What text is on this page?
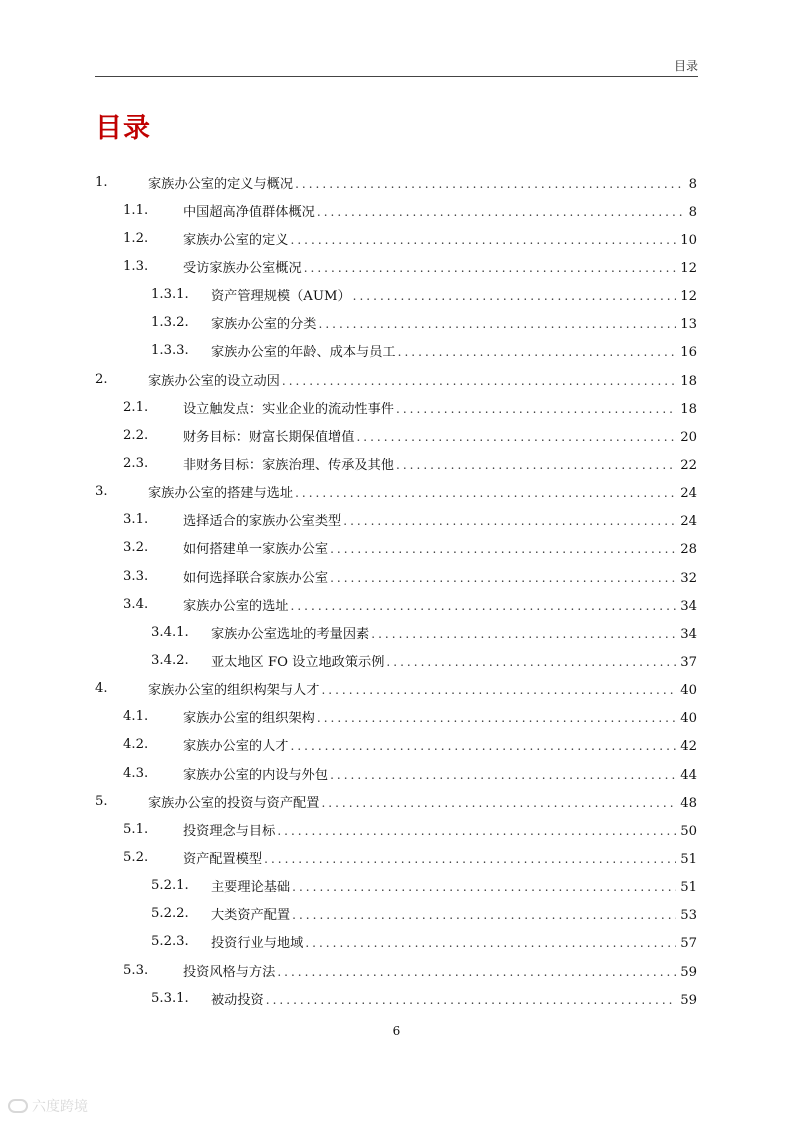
目录
目录
1.	家族办公室的定义与概况 . . .	8
1.1.	中国超高净值群体概况 . . .	8
1.2.	家族办公室的定义 . . .	10
1.3.	受访家族办公室概况 . . .	12
1.3.1. 资产管理规模（AUM） . . .	12
1.3.2. 家族办公室的分类 . . .	13
1.3.3. 家族办公室的年龄、成本与员工 . . .	16
2.	家族办公室的设立动因 . . .	18
2.1.	设立触发点：实业企业的流动性事件 . . .	18
2.2.	财务目标：财富长期保值增值 . . .	20
2.3.	非财务目标：家族治理、传承及其他 . . .	22
3.	家族办公室的搭建与选址 . . .	24
3.1.	选择适合的家族办公室类型 . . .	24
3.2.	如何搭建单一家族办公室 . . .	28
3.3.	如何选择联合家族办公室 . . .	32
3.4.	家族办公室的选址 . . .	34
3.4.1. 家族办公室选址的考量因素 . . .	34
3.4.2. 亚太地区 FO 设立地政策示例 . . .	37
4.	家族办公室的组织构架与人才 . . .	40
4.1.	家族办公室的组织架构 . . .	40
4.2.	家族办公室的人才 . . .	42
4.3.	家族办公室的内设与外包 . . .	44
5.	家族办公室的投资与资产配置 . . .	48
5.1.	投资理念与目标 . . .	50
5.2.	资产配置模型 . . .	51
5.2.1. 主要理论基础 . . .	51
5.2.2. 大类资产配置 . . .	53
5.2.3. 投资行业与地域 . . .	57
5.3.	投资风格与方法 . . .	59
5.3.1. 被动投资 . . .	59
6
六度跨境
